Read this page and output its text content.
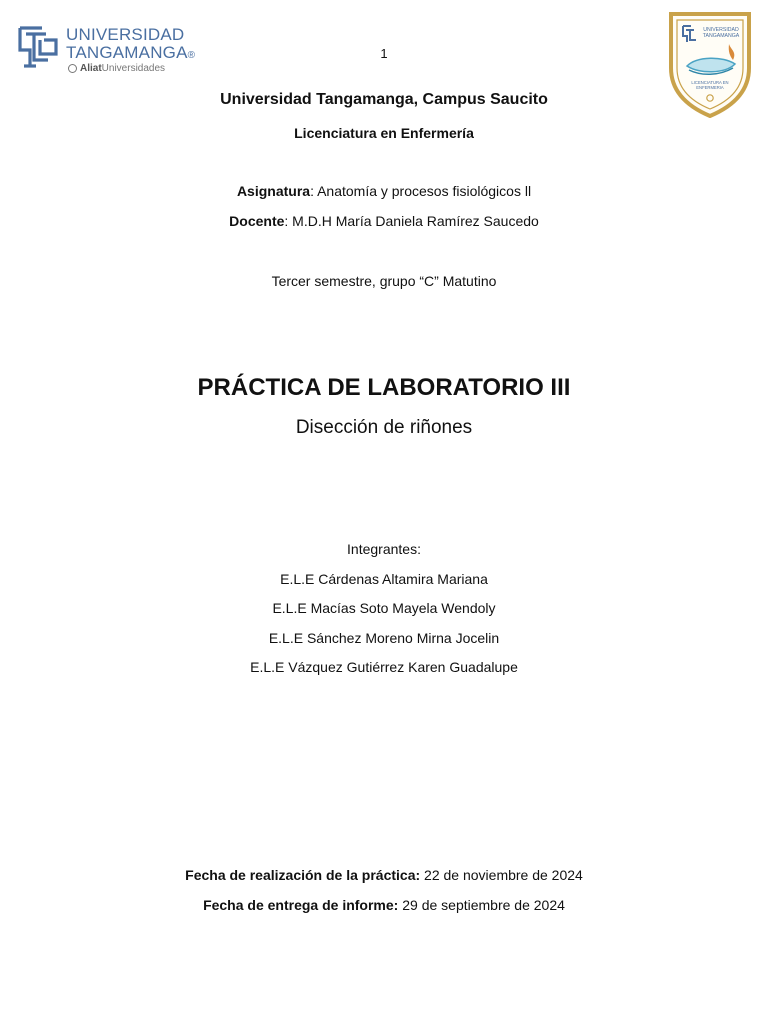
UNIVERSIDAD
TANGAMANGA®
AliatUniversidades
1
UNIVERSIDAD
TANGAMANGA
LICENCIATURA EN
ENFERMERIA
Universidad Tangamanga, Campus Saucito
Licenciatura en Enfermería
Asignatura: Anatomía y procesos fisiológicos ll
Docente: M.D.H María Daniela Ramírez Saucedo
Tercer semestre, grupo “C” Matutino
PRÁCTICA DE LABORATORIO III
Disección de riñones
Integrantes:
E.L.E Cárdenas Altamira Mariana
E.L.E Macías Soto Mayela Wendoly
E.L.E Sánchez Moreno Mirna Jocelin
E.L.E Vázquez Gutiérrez Karen Guadalupe
Fecha de realización de la práctica: 22 de noviembre de 2024
Fecha de entrega de informe: 29 de septiembre de 2024
